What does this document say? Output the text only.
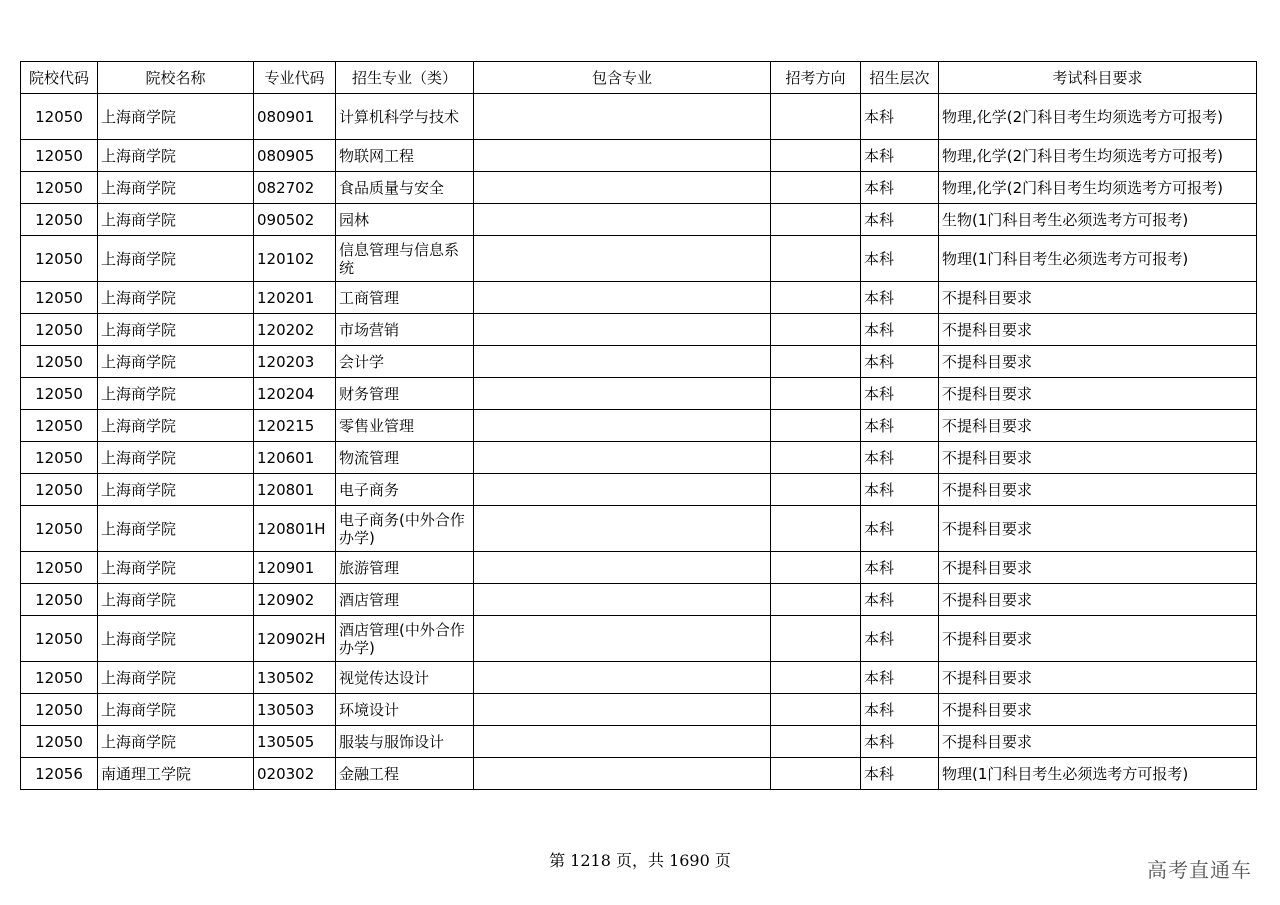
院校代码	院校名称	专业代码	招生专业（类）	包含专业	招考方向	招生层次	考试科目要求
12050	上海商学院	080901	计算机科学与技术			本科	物理,化学(2门科目考生均须选考方可报考)
12050	上海商学院	080905	物联网工程			本科	物理,化学(2门科目考生均须选考方可报考)
12050	上海商学院	082702	食品质量与安全			本科	物理,化学(2门科目考生均须选考方可报考)
12050	上海商学院	090502	园林			本科	生物(1门科目考生必须选考方可报考)
12050	上海商学院	120102	信息管理与信息系统			本科	物理(1门科目考生必须选考方可报考)
12050	上海商学院	120201	工商管理			本科	不提科目要求
12050	上海商学院	120202	市场营销			本科	不提科目要求
12050	上海商学院	120203	会计学			本科	不提科目要求
12050	上海商学院	120204	财务管理			本科	不提科目要求
12050	上海商学院	120215	零售业管理			本科	不提科目要求
12050	上海商学院	120601	物流管理			本科	不提科目要求
12050	上海商学院	120801	电子商务			本科	不提科目要求
12050	上海商学院	120801H	电子商务(中外合作办学)			本科	不提科目要求
12050	上海商学院	120901	旅游管理			本科	不提科目要求
12050	上海商学院	120902	酒店管理			本科	不提科目要求
12050	上海商学院	120902H	酒店管理(中外合作办学)			本科	不提科目要求
12050	上海商学院	130502	视觉传达设计			本科	不提科目要求
12050	上海商学院	130503	环境设计			本科	不提科目要求
12050	上海商学院	130505	服装与服饰设计			本科	不提科目要求
12056	南通理工学院	020302	金融工程			本科	物理(1门科目考生必须选考方可报考)
第 1218 页，共 1690 页	高考直通车
